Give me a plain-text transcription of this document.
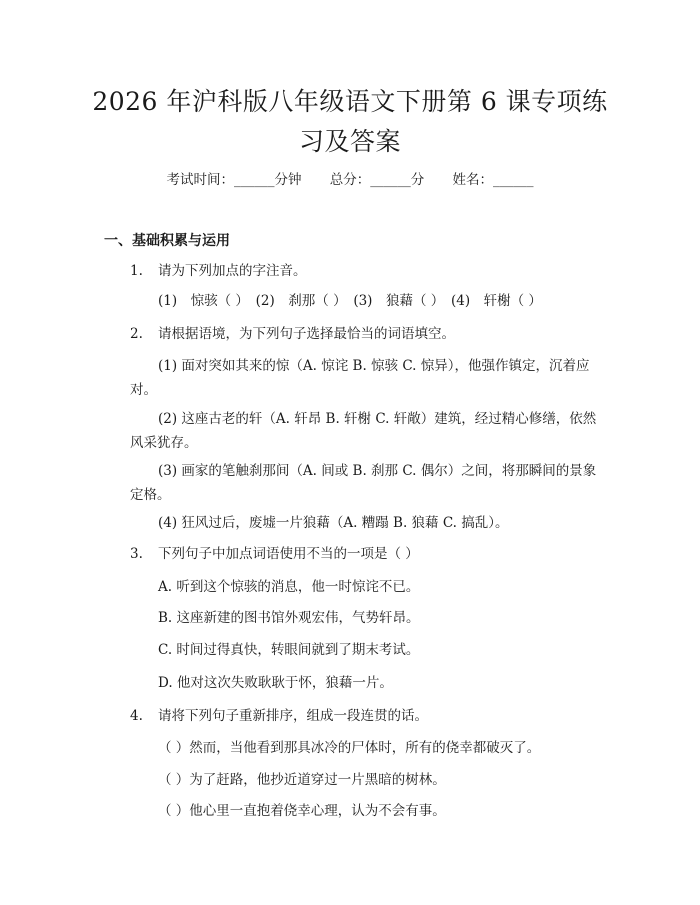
2026 年沪科版八年级语文下册第 6 课专项练
习及答案
考试时间：______分钟 总分：______分 姓名：______
一、基础积累与运用
1. 请为下列加点的字注音。
(1)　惊骇（ ）　(2)　刹那（ ）　(3)　狼藉（ ）　(4)　轩榭（ ）
2. 请根据语境，为下列句子选择最恰当的词语填空。
(1) 面对突如其来的惊（A. 惊诧 B. 惊骇 C. 惊异），他强作镇定，沉着应对。
(2) 这座古老的轩（A. 轩昂 B. 轩榭 C. 轩敞）建筑，经过精心修缮，依然风采犹存。
(3) 画家的笔触刹那间（A. 间或 B. 刹那 C. 偶尔）之间，将那瞬间的景象定格。
(4) 狂风过后，废墟一片狼藉（A. 糟蹋 B. 狼藉 C. 搞乱）。
3. 下列句子中加点词语使用不当的一项是（ ）
A. 听到这个惊骇的消息，他一时惊诧不已。
B. 这座新建的图书馆外观宏伟，气势轩昂。
C. 时间过得真快，转眼间就到了期末考试。
D. 他对这次失败耿耿于怀，狼藉一片。
4. 请将下列句子重新排序，组成一段连贯的话。
（ ）然而，当他看到那具冰冷的尸体时，所有的侥幸都破灭了。
（ ）为了赶路，他抄近道穿过一片黑暗的树林。
（ ）他心里一直抱着侥幸心理，认为不会有事。
